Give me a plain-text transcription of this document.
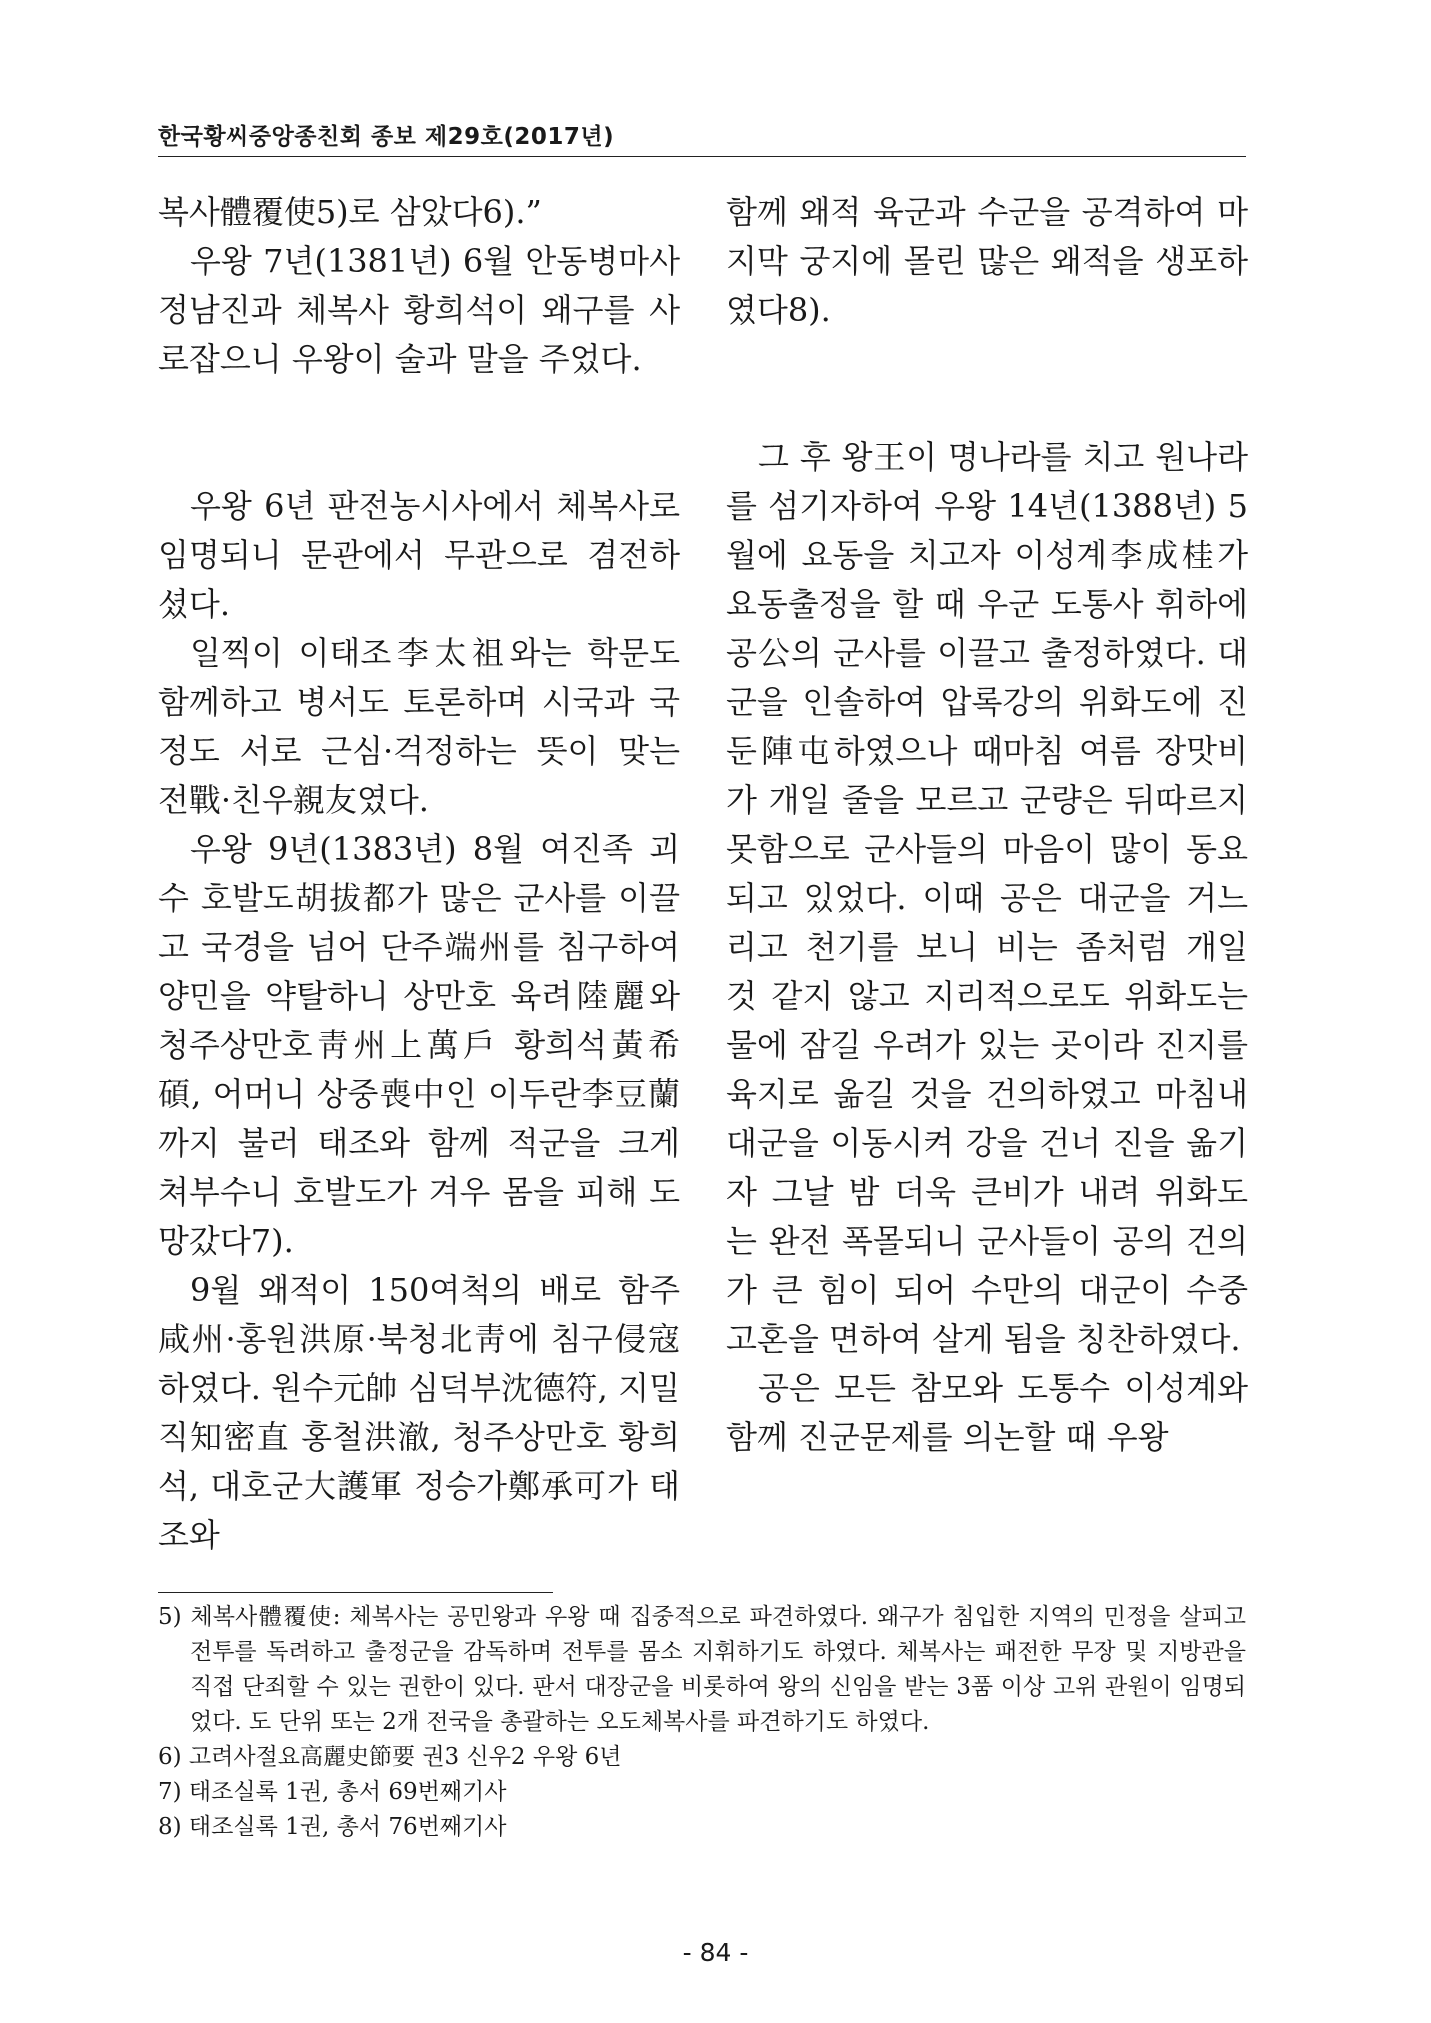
한국황씨중앙종친회 종보 제29호(2017년)

복사體覆使5)로 삼았다6).”

우왕 7년(1381년) 6월 안동병마사 정남진과 체복사 황희석이 왜구를 사로잡으니 우왕이 술과 말을 주었다.

우왕 6년 판전농시사에서 체복사로 임명되니 문관에서 무관으로 겸전하셨다.

일찍이 이태조李太祖와는 학문도 함께하고 병서도 토론하며 시국과 국정도 서로 근심·걱정하는 뜻이 맞는 전戰·친우親友였다.

우왕 9년(1383년) 8월 여진족 괴수 호발도胡拔都가 많은 군사를 이끌고 국경을 넘어 단주端州를 침구하여 양민을 약탈하니 상만호 육려陸麗와 청주상만호靑州上萬戶 황희석黃希碩, 어머니 상중喪中인 이두란李豆蘭까지 불러 태조와 함께 적군을 크게 쳐부수니 호발도가 겨우 몸을 피해 도망갔다7).

9월 왜적이 150여척의 배로 함주咸州·홍원洪原·북청北靑에 침구侵寇하였다. 원수元帥 심덕부沈德符, 지밀직知密直 홍철洪澈, 청주상만호 황희석, 대호군大護軍 정승가鄭承可가 태조와

함께 왜적 육군과 수군을 공격하여 마지막 궁지에 몰린 많은 왜적을 생포하였다8).

그 후 왕王이 명나라를 치고 원나라를 섬기자하여 우왕 14년(1388년) 5월에 요동을 치고자 이성계李成桂가 요동출정을 할 때 우군 도통사 휘하에 공公의 군사를 이끌고 출정하였다. 대군을 인솔하여 압록강의 위화도에 진둔陣屯하였으나 때마침 여름 장맛비가 개일 줄을 모르고 군량은 뒤따르지 못함으로 군사들의 마음이 많이 동요되고 있었다. 이때 공은 대군을 거느리고 천기를 보니 비는 좀처럼 개일 것 같지 않고 지리적으로도 위화도는 물에 잠길 우려가 있는 곳이라 진지를 육지로 옮길 것을 건의하였고 마침내 대군을 이동시켜 강을 건너 진을 옮기자 그날 밤 더욱 큰비가 내려 위화도는 완전 폭몰되니 군사들이 공의 건의가 큰 힘이 되어 수만의 대군이 수중고혼을 면하여 살게 됨을 칭찬하였다.

공은 모든 참모와 도통수 이성계와 함께 진군문제를 의논할 때 우왕

5) 체복사體覆使: 체복사는 공민왕과 우왕 때 집중적으로 파견하였다. 왜구가 침입한 지역의 민정을 살피고 전투를 독려하고 출정군을 감독하며 전투를 몸소 지휘하기도 하였다. 체복사는 패전한 무장 및 지방관을 직접 단죄할 수 있는 권한이 있다. 판서 대장군을 비롯하여 왕의 신임을 받는 3품 이상 고위 관원이 임명되었다. 도 단위 또는 2개 전국을 총괄하는 오도체복사를 파견하기도 하였다.
6) 고려사절요高麗史節要 권3 신우2 우왕 6년
7) 태조실록 1권, 총서 69번째기사
8) 태조실록 1권, 총서 76번째기사
- 84 -
